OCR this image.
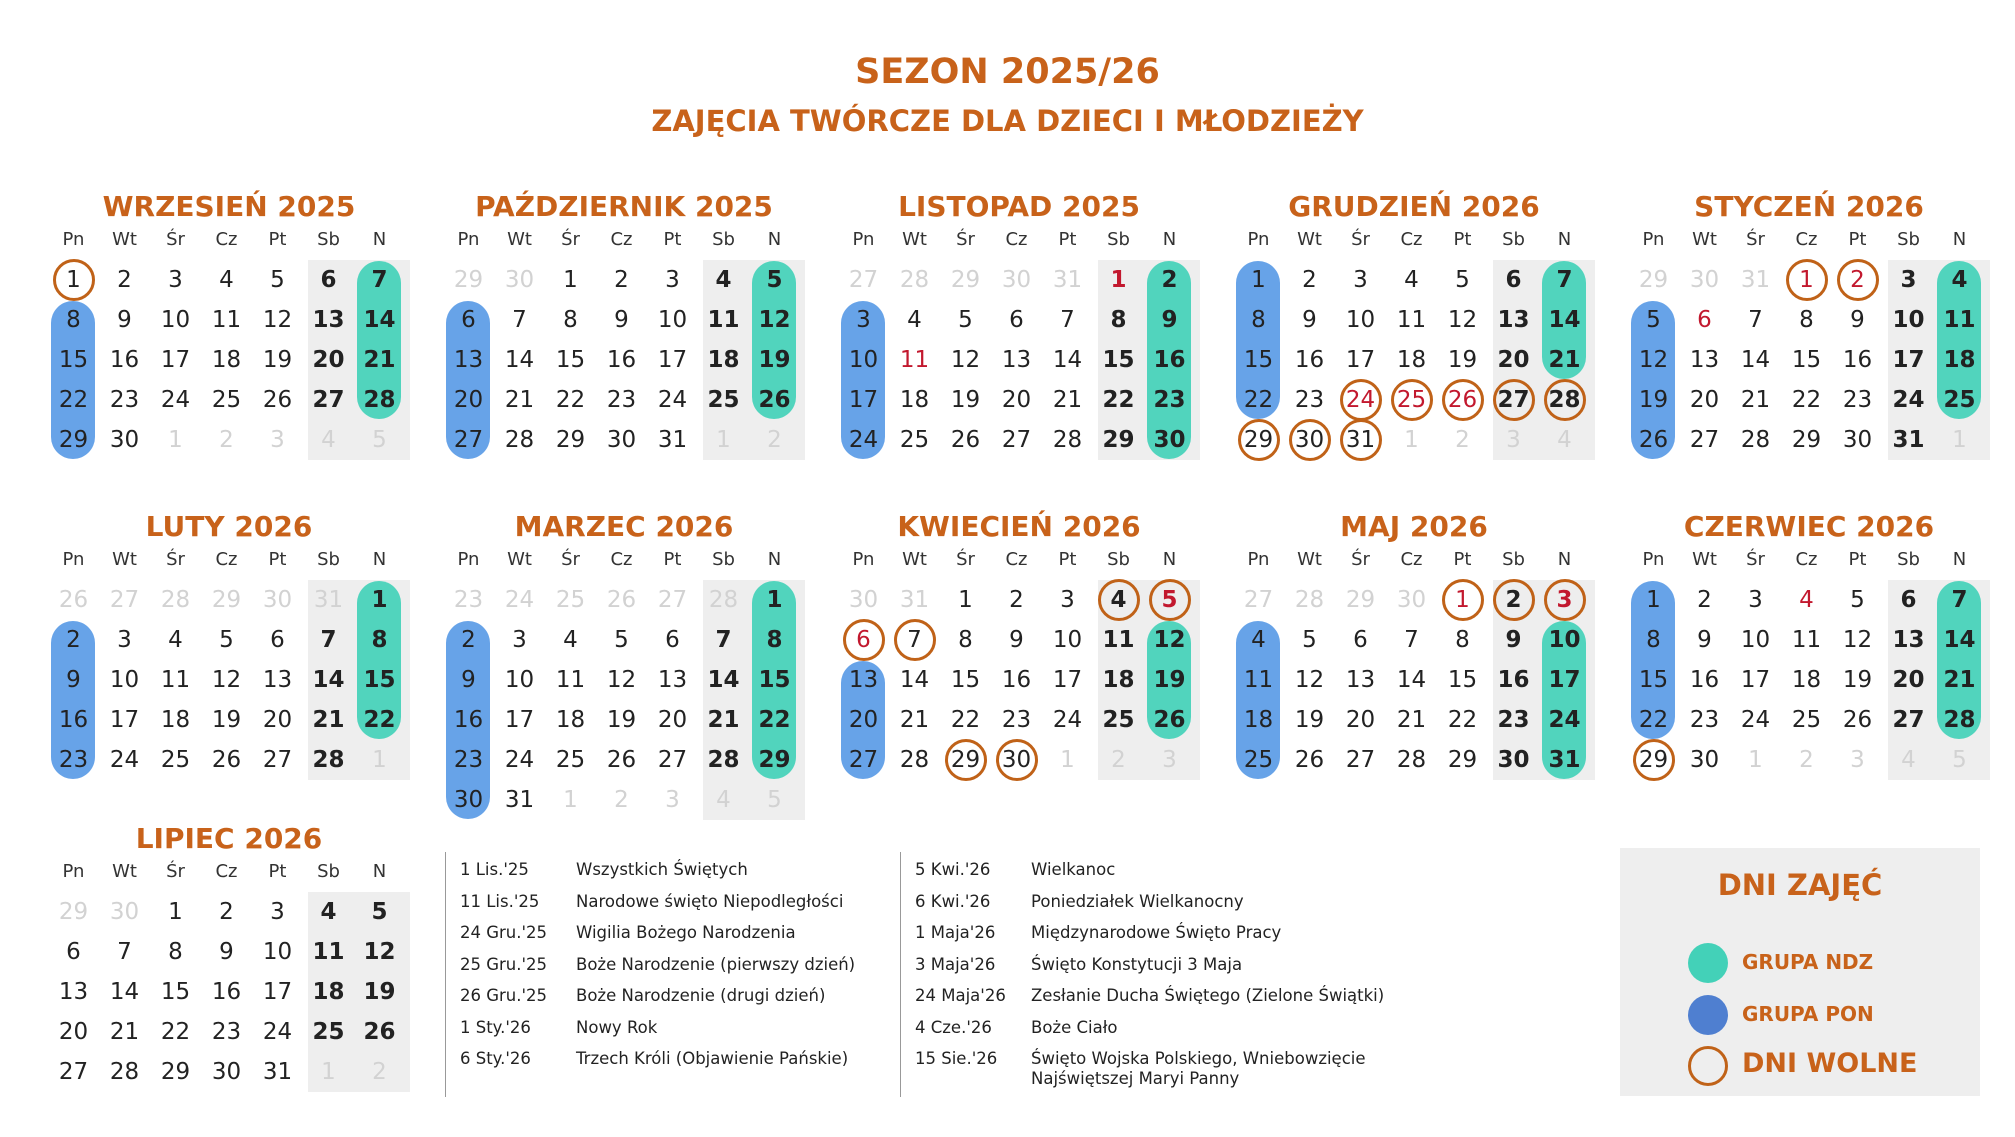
SEZON 2025/26
ZAJĘCIA TWÓRCZE DLA DZIECI I MŁODZIEŻY
WRZESIEŃ 2025
Pn	Wt	Śr	Cz	Pt	Sb	N
1	2	3	4	5	6	7
8	9	10 11 12 13 14
15 16 17 18 19 20 21
22 23 24 25 26 27 28
29 30	1	2	3	4	5
PAŹDZIERNIK 2025
Pn	Wt	Śr	Cz	Pt	Sb	N
29 30	1	2	3	4	5
6	7	8	9	10 11 12
13 14 15 16 17 18 19
20 21 22 23 24 25 26
27 28 29 30 31	1	2
LISTOPAD 2025
Pn	Wt	Śr	Cz	Pt	Sb	N
27 28 29 30 31	1	2
3	4	5	6	7	8	9
10 11 12 13 14 15 16
17 18 19 20 21 22 23
24 25 26 27 28 29 30
GRUDZIEŃ 2026
Pn	Wt	Śr	Cz	Pt	Sb	N
1	2	3	4	5	6	7
8	9	10 11 12 13 14
15 16 17 18 19 20 21
22 23 24 25 26 27 28
29 30 31	1	2	3	4
STYCZEŃ 2026
Pn	Wt	Śr	Cz	Pt	Sb	N
29 30 31	1	2	3	4
5	6	7	8	9	10 11
12 13 14 15 16 17 18
19 20 21 22 23 24 25
26 27 28 29 30 31	1
LUTY 2026
Pn	Wt	Śr	Cz	Pt	Sb	N
26 27 28 29 30 31	1
2	3	4	5	6	7	8
9	10 11 12 13 14 15
16 17 18 19 20 21 22
23 24 25 26 27 28	1
MARZEC 2026
Pn	Wt	Śr	Cz	Pt	Sb	N
23 24 25 26 27 28	1
2	3	4	5	6	7	8
9	10 11 12 13 14 15
16 17 18 19 20 21 22
23 24 25 26 27 28 29
30 31	1	2	3	4	5
KWIECIEŃ 2026
Pn	Wt	Śr	Cz	Pt	Sb	N
30 31	1	2	3	4	5
6	7	8	9	10 11 12
13 14 15 16 17 18 19
20 21 22 23 24 25 26
27 28 29 30	1	2	3
MAJ 2026
Pn	Wt	Śr	Cz	Pt	Sb	N
27 28 29 30	1	2	3
4	5	6	7	8	9	10
11 12 13 14 15 16 17
18 19 20 21 22 23 24
25 26 27 28 29 30 31
CZERWIEC 2026
Pn	Wt	Śr	Cz	Pt	Sb	N
1	2	3	4	5	6	7
8	9	10 11 12 13 14
15 16 17 18 19 20 21
22 23 24 25 26 27 28
29 30	1	2	3	4	5
LIPIEC 2026
Pn	Wt	Śr	Cz	Pt	Sb	N
29 30	1	2	3	4	5
6	7	8	9	10 11 12
13 14 15 16 17 18 19
20 21 22 23 24 25 26
27 28 29 30 31	1	2
1 Lis.'25	Wszystkich Świętych
11 Lis.'25 Narodowe święto Niepodległości
24 Gru.'25 Wigilia Bożego Narodzenia
25 Gru.'25 Boże Narodzenie (pierwszy dzień)
26 Gru.'25 Boże Narodzenie (drugi dzień)
1 Sty.'26	Nowy Rok
6 Sty.'26	Trzech Króli (Objawienie Pańskie)
5 Kwi.'26 Wielkanoc
6 Kwi.'26 Poniedziałek Wielkanocny
1 Maja'26 Międzynarodowe Święto Pracy
3 Maja'26 Święto Konstytucji 3 Maja
24 Maja'26 Zesłanie Ducha Świętego (Zielone Świątki)
4 Cze.'26 Boże Ciało
15 Sie.'26 Święto Wojska Polskiego, Wniebowzięcie Najświętszej Maryi Panny
DNI ZAJĘĆ
GRUPA NDZ
GRUPA PON
DNI WOLNE
